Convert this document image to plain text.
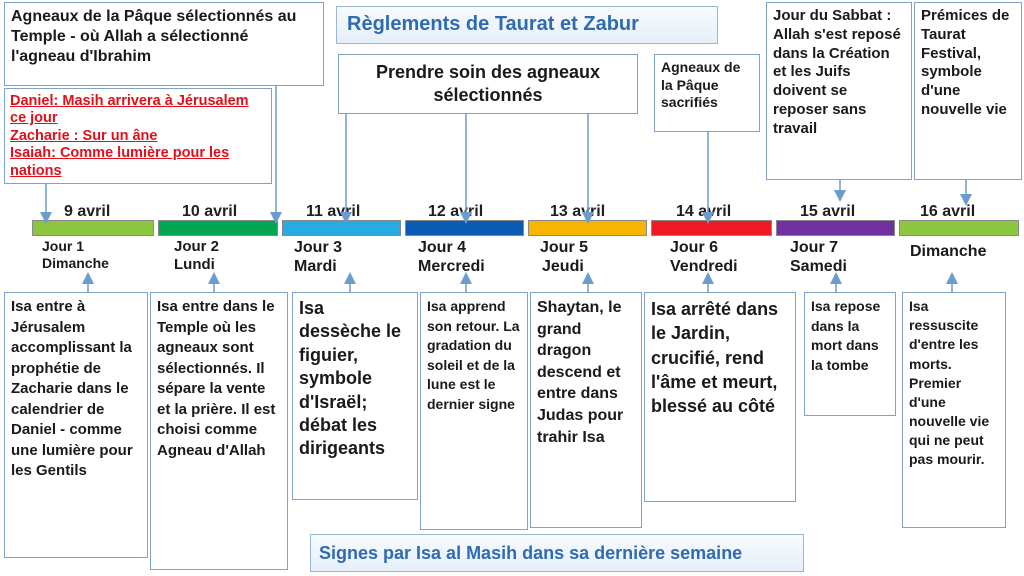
Règlements de Taurat et Zabur
Agneaux de la Pâque sélectionnés au Temple - où Allah a sélectionné l'agneau d'Ibrahim
Daniel: Masih arrivera à Jérusalem ce jour
Zacharie : Sur un âne
Isaiah: Comme lumière pour les nations
Prendre soin des agneaux sélectionnés
Agneaux de la Pâque sacrifiés
Jour du Sabbat : Allah s'est reposé dans la Création et les Juifs doivent se reposer sans travail
Prémices de Taurat Festival, symbole d'une nouvelle vie
9 avril	10 avril	11 avril	12 avril	13 avril	14 avril	15 avril	16 avril
Jour 1
Dimanche
Jour 2
Lundi
Jour 3
Mardi
Jour 4
Mercredi
Jour 5
Jeudi
Jour 6
Vendredi
Jour 7
Samedi
Dimanche
Isa entre à Jérusalem accomplissant la prophétie de Zacharie dans le calendrier de Daniel - comme une lumière pour les Gentils
Isa entre dans le Temple où les agneaux sont sélectionnés. Il sépare la vente et la prière. Il est choisi comme Agneau d'Allah
Isa dessèche le figuier, symbole d'Israël; débat les dirigeants
Isa apprend son retour. La gradation du soleil et de la lune est le dernier signe
Shaytan, le grand dragon descend et entre dans Judas pour trahir Isa
Isa arrêté dans le Jardin, crucifié, rend l'âme et meurt, blessé au côté
Isa repose dans la mort dans la tombe
Isa ressuscite d'entre les morts. Premier d'une nouvelle vie qui ne peut pas mourir.
Signes par Isa al Masih dans sa dernière semaine
